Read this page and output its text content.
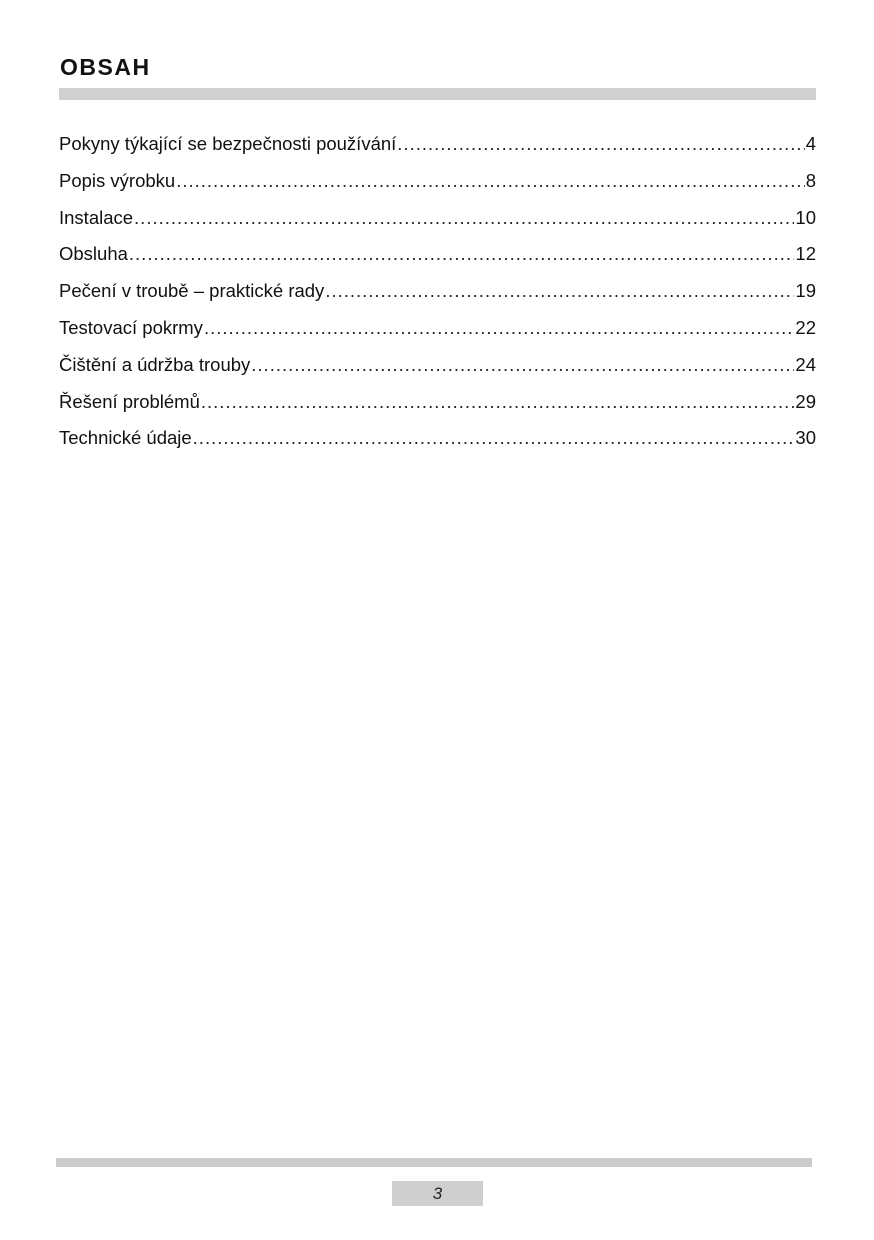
OBSAH
Pokyny týkající se bezpečnosti používání .....	4
Popis výrobku .....	8
Instalace .....	10
Obsluha .....	12
Pečení v troubě – praktické rady .....	19
Testovací pokrmy .....	22
Čištění a údržba trouby .....	24
Řešení problémů .....	29
Technické údaje .....	30
3
